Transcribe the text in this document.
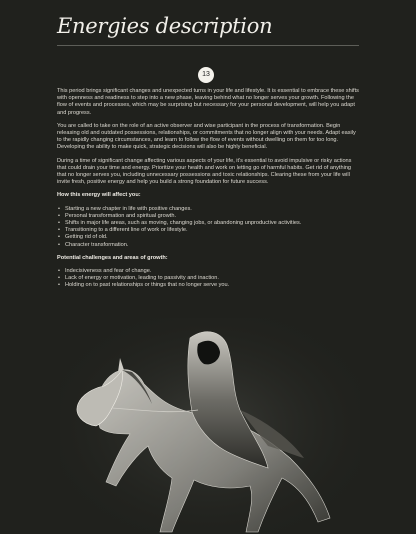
Energies description
13

This period brings significant changes and unexpected turns in your life and lifestyle. It is essential to embrace these shifts with openness and readiness to step into a new phase, leaving behind what no longer serves your growth. Following the flow of events and processes, which may be surprising but necessary for your personal development, will help you adapt and progress.

You are called to take on the role of an active observer and wise participant in the process of transformation. Begin releasing old and outdated possessions, relationships, or commitments that no longer align with your needs. Adapt easily to the rapidly changing circumstances, and learn to follow the flow of events without dwelling on them for too long. Developing the ability to make quick, strategic decisions will also be highly beneficial.

During a time of significant change affecting various aspects of your life, it's essential to avoid impulsive or risky actions that could drain your time and energy. Prioritize your health and work on letting go of harmful habits. Get rid of anything that no longer serves you, including unnecessary possessions and toxic relationships. Clearing these from your life will invite fresh, positive energy and help you build a strong foundation for future success.

How this energy will affect you:
• Starting a new chapter in life with positive changes.
• Personal transformation and spiritual growth.
• Shifts in major life areas, such as moving, changing jobs, or abandoning unproductive activities.
• Transitioning to a different line of work or lifestyle.
• Getting rid of old.
• Character transformation.
Potential challenges and areas of growth:
• Indecisiveness and fear of change.
• Lack of energy or motivation, leading to passivity and inaction.
• Holding on to past relationships or things that no longer serve you.
